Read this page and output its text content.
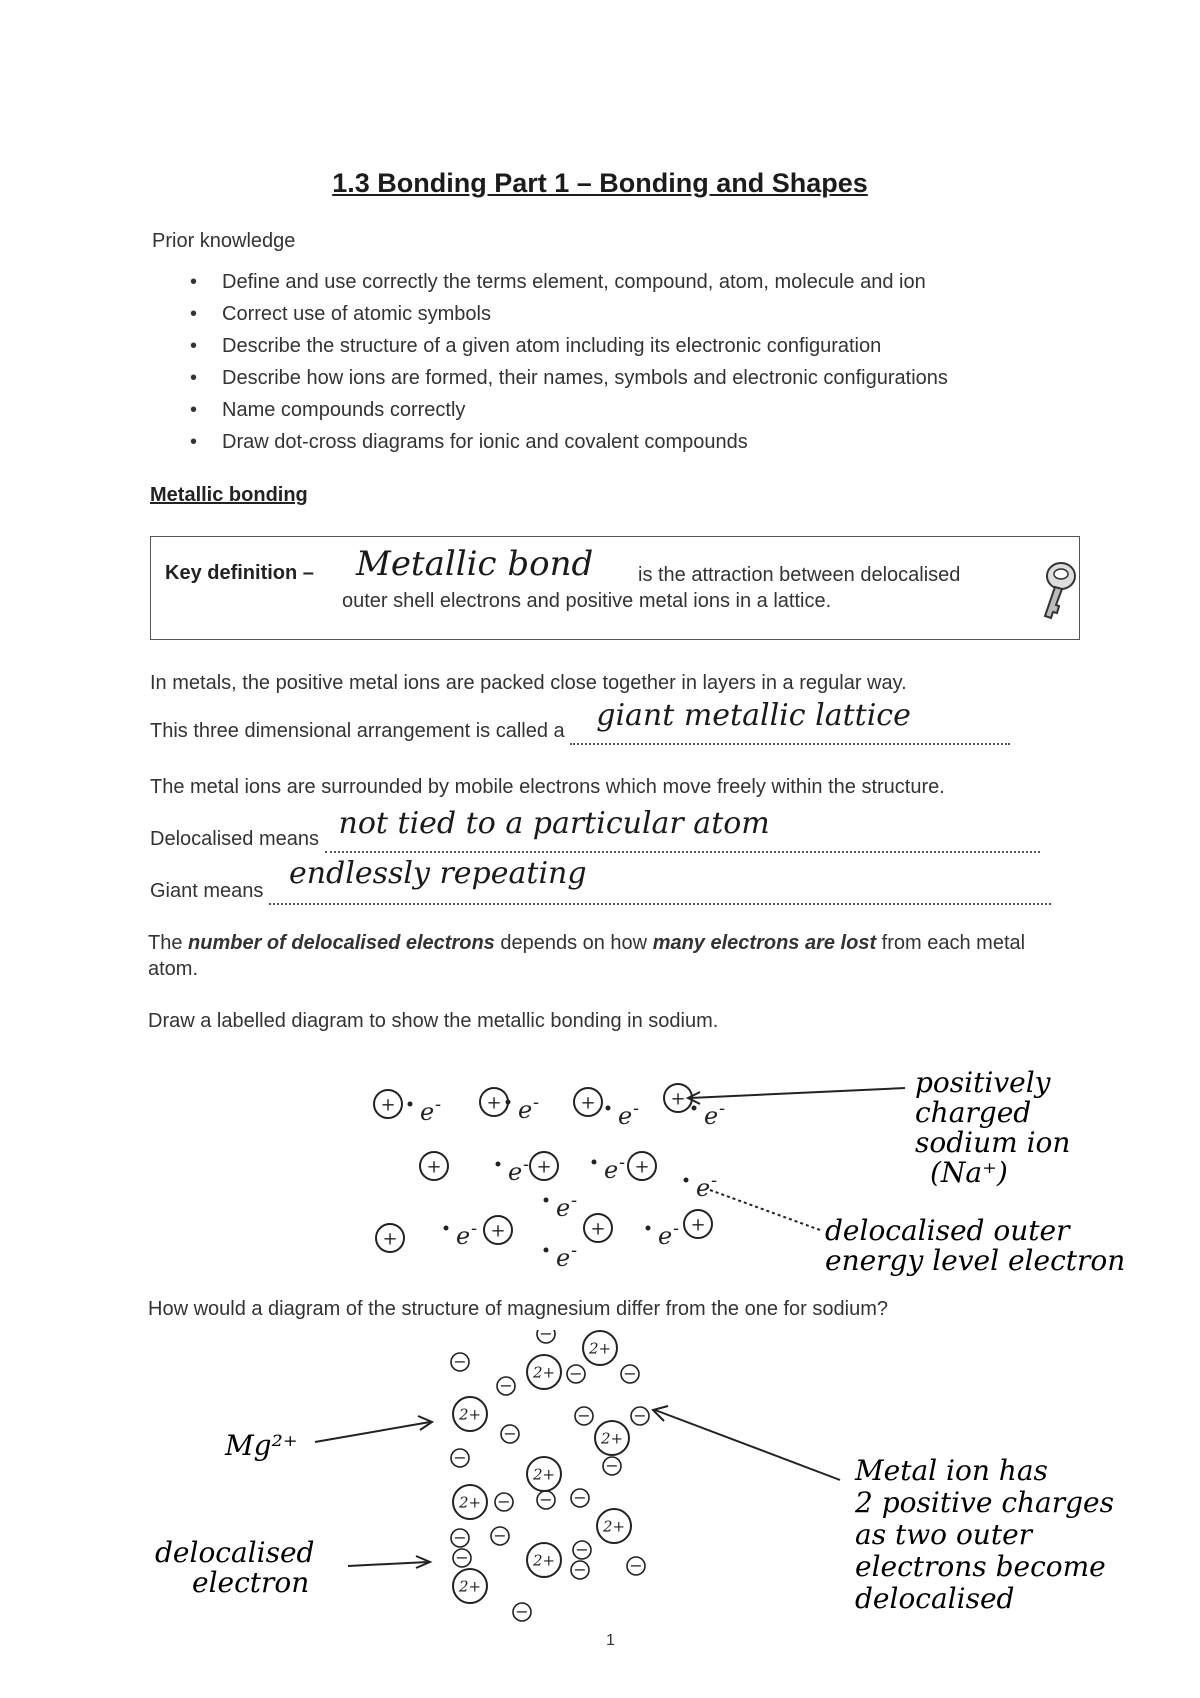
1.3 Bonding Part 1 – Bonding and Shapes
Prior knowledge
• Define and use correctly the terms element, compound, atom, molecule and ion
• Correct use of atomic symbols
• Describe the structure of a given atom including its electronic configuration
• Describe how ions are formed, their names, symbols and electronic configurations
• Name compounds correctly
• Draw dot-cross diagrams for ionic and covalent compounds
Metallic bonding
Key definition – Metallic bond is the attraction between delocalised
outer shell electrons and positive metal ions in a lattice.
In metals, the positive metal ions are packed close together in layers in a regular way.
This three dimensional arrangement is called a giant metallic lattice

The metal ions are surrounded by mobile electrons which move freely within the structure.
Delocalised means not tied to a particular atom

Giant means endlessly repeating

The number of delocalised electrons depends on how many electrons are lost from each metal atom.
Draw a labelled diagram to show the metallic bonding in sodium.
+	+	+	+
+	+	+
+	+	+	+
e -	e -	e -	e -
e -	e -
e -
e -
e -	e -
e -
positively
charged
sodium ion
(Na⁺)
delocalised outer
energy level electron
How would a diagram of the structure of magnesium differ from the one for sodium?
2+
2+
2+
2+
2+
2+
2+
2+
2+
−
−
−	−
−
−
−
−
−	−
−
−	−
− −
−
−
−
−
−
Mg²⁺
delocalised
electron
Metal ion has
2 positive charges
as two outer
electrons become
delocalised
1
